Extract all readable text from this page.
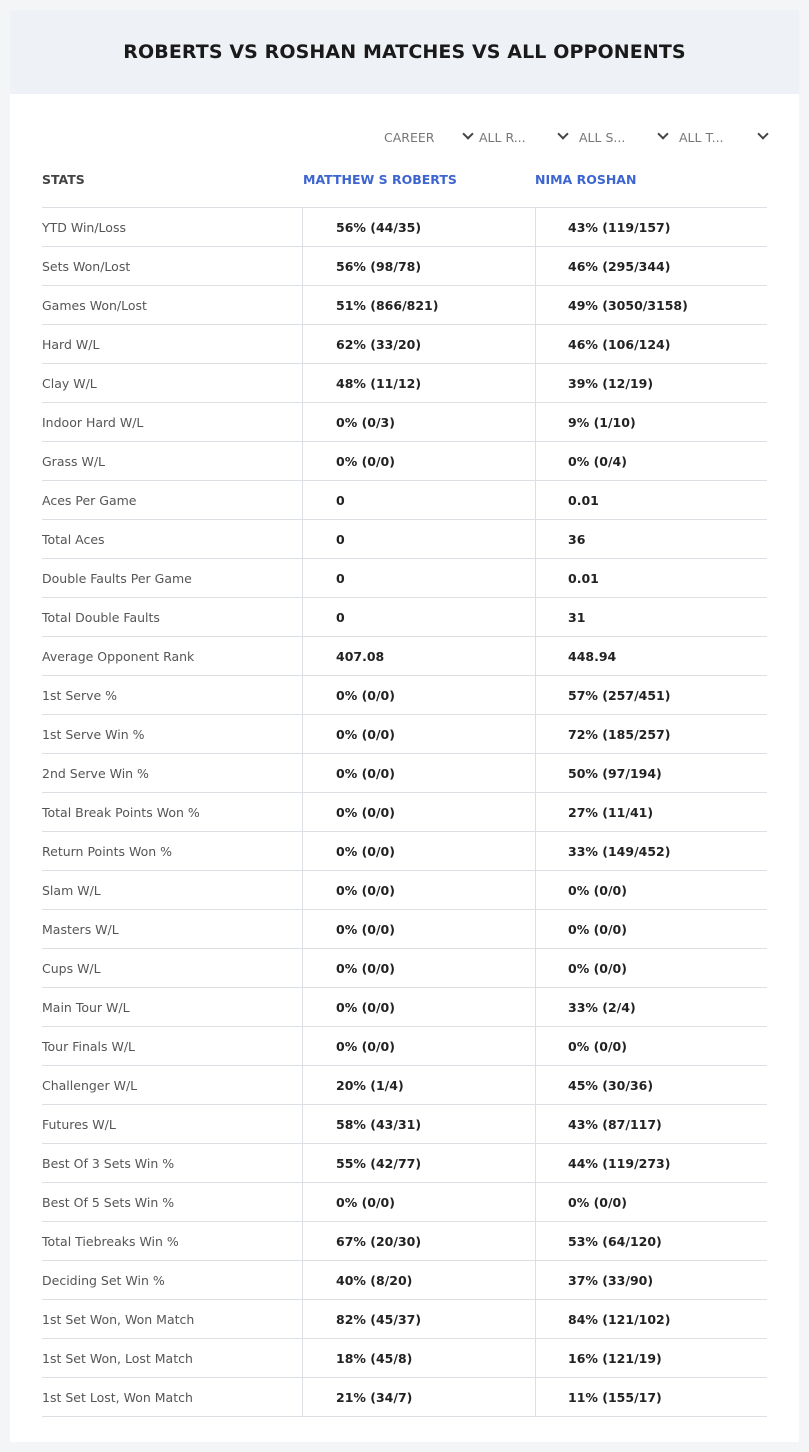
ROBERTS VS ROSHAN MATCHES VS ALL OPPONENTS
CAREER	ALL R...	ALL S...	ALL T...
STATS	MATTHEW S ROBERTS	NIMA ROSHAN
YTD Win/Loss	56% (44/35)	43% (119/157)
Sets Won/Lost	56% (98/78)	46% (295/344)
Games Won/Lost	51% (866/821)	49% (3050/3158)
Hard W/L	62% (33/20)	46% (106/124)
Clay W/L	48% (11/12)	39% (12/19)
Indoor Hard W/L	0% (0/3)	9% (1/10)
Grass W/L	0% (0/0)	0% (0/4)
Aces Per Game	0	0.01
Total Aces	0	36
Double Faults Per Game	0	0.01
Total Double Faults	0	31
Average Opponent Rank	407.08	448.94
1st Serve %	0% (0/0)	57% (257/451)
1st Serve Win %	0% (0/0)	72% (185/257)
2nd Serve Win %	0% (0/0)	50% (97/194)
Total Break Points Won %	0% (0/0)	27% (11/41)
Return Points Won %	0% (0/0)	33% (149/452)
Slam W/L	0% (0/0)	0% (0/0)
Masters W/L	0% (0/0)	0% (0/0)
Cups W/L	0% (0/0)	0% (0/0)
Main Tour W/L	0% (0/0)	33% (2/4)
Tour Finals W/L	0% (0/0)	0% (0/0)
Challenger W/L	20% (1/4)	45% (30/36)
Futures W/L	58% (43/31)	43% (87/117)
Best Of 3 Sets Win %	55% (42/77)	44% (119/273)
Best Of 5 Sets Win %	0% (0/0)	0% (0/0)
Total Tiebreaks Win %	67% (20/30)	53% (64/120)
Deciding Set Win %	40% (8/20)	37% (33/90)
1st Set Won, Won Match	82% (45/37)	84% (121/102)
1st Set Won, Lost Match	18% (45/8)	16% (121/19)
1st Set Lost, Won Match	21% (34/7)	11% (155/17)
